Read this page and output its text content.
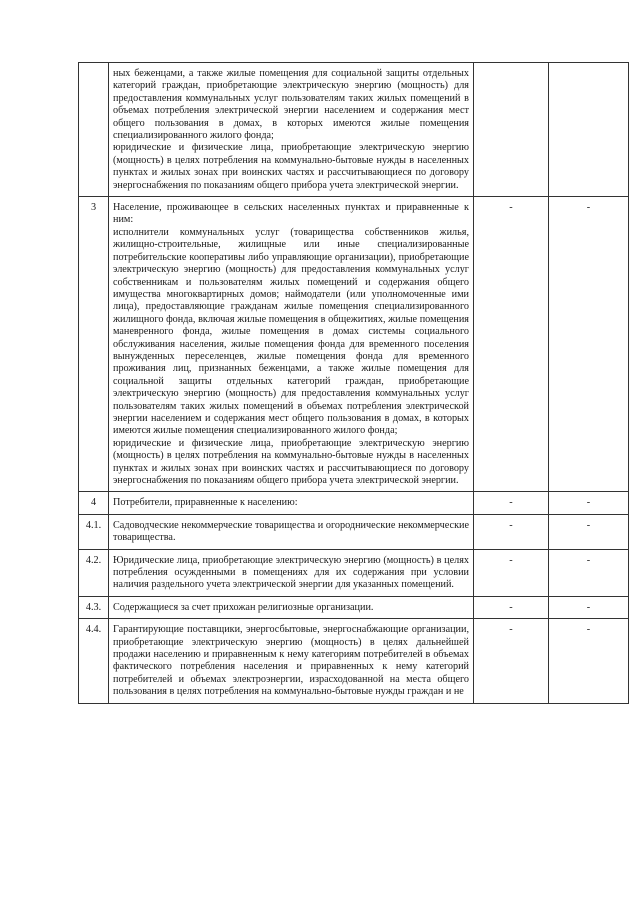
	ных беженцами, а также жилые помещения для социальной защиты отдельных категорий граждан, приобретающие электрическую энергию (мощность) для предоставления коммунальных услуг пользователям таких жилых помещений в объемах потребления электрической энергии населением и содержания мест общего пользования в домах, в которых имеются жилые помещения специализированного жилого фонда;

юридические и физические лица, приобретающие электрическую энергию (мощность) в целях потребления на коммунально-бытовые нужды в населенных пунктах и жилых зонах при воинских частях и рассчитывающиеся по договору энергоснабжения по показаниям общего прибора учета электрической энергии.		

3	Население, проживающее в сельских населенных пунктах и приравненные к ним:

исполнители коммунальных услуг (товарищества собственников жилья, жилищно-строительные, жилищные или иные специализированные потребительские кооперативы либо управляющие организации), приобретающие электрическую энергию (мощность) для предоставления коммунальных услуг собственникам и пользователям жилых помещений и содержания общего имущества многоквартирных домов; наймодатели (или уполномоченные ими лица), предоставляющие гражданам жилые помещения специализированного жилищного фонда, включая жилые помещения в общежитиях, жилые помещения маневренного фонда, жилые помещения в домах системы социального обслуживания населения, жилые помещения фонда для временного поселения вынужденных переселенцев, жилые помещения фонда для временного проживания лиц, признанных беженцами, а также жилые помещения для социальной защиты отдельных категорий граждан, приобретающие электрическую энергию (мощность) для предоставления коммунальных услуг пользователям таких жилых помещений в объемах потребления электрической энергии населением и содержания мест общего пользования в домах, в которых имеются жилые помещения специализированного жилого фонда;

юридические и физические лица, приобретающие электрическую энергию (мощность) в целях потребления на коммунально-бытовые нужды в населенных пунктах и жилых зонах при воинских частях и рассчитывающиеся по договору энергоснабжения по показаниям общего прибора учета электрической энергии.	-	-
4	Потребители, приравненные к населению:	-	-
4.1.	Садоводческие некоммерческие товарищества и огороднические некоммерческие товарищества.	-	-
4.2.	Юридические лица, приобретающие электрическую энергию (мощность) в целях потребления осужденными в помещениях для их содержания при условии наличия раздельного учета электрической энергии для указанных помещений.	-	-
4.3.	Содержащиеся за счет прихожан религиозные организации.	-	-
4.4.	Гарантирующие поставщики, энергосбытовые, энергоснабжающие организации, приобретающие электрическую энергию (мощность) в целях дальнейшей продажи населению и приравненным к нему категориям потребителей в объемах фактического потребления населения и приравненных к нему категорий потребителей и объемах электроэнергии, израсходованной на места общего пользования в целях потребления на коммунально-бытовые нужды граждан и не	-	-
